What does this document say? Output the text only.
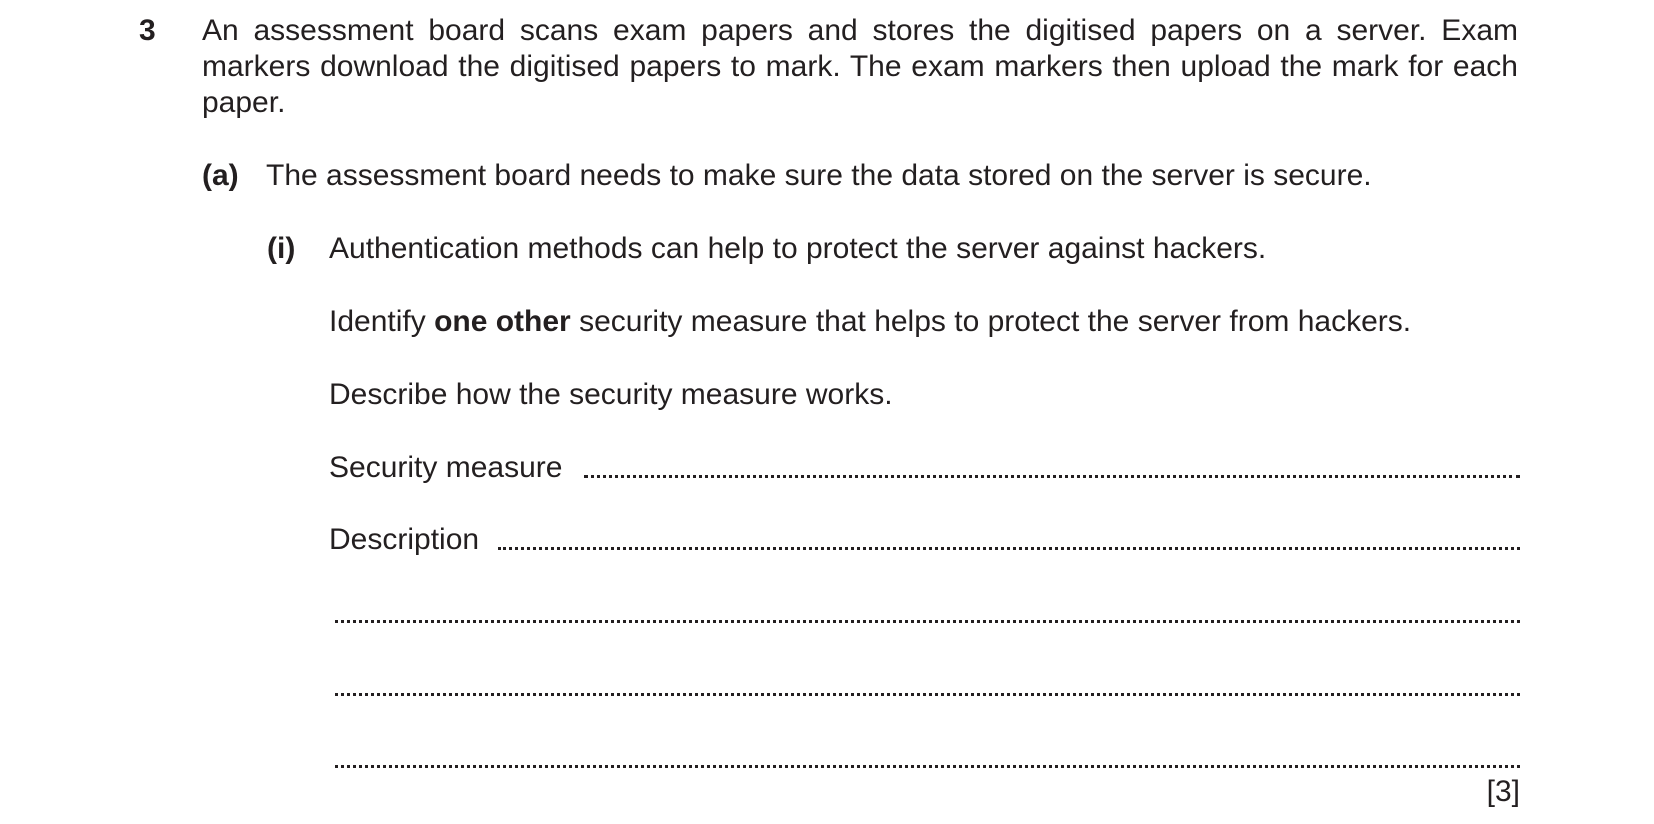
3 An assessment board scans exam papers and stores the digitised papers on a server. Exam markers download the digitised papers to mark. The exam markers then upload the mark for each paper.
(a) The assessment board needs to make sure the data stored on the server is secure.
(i) Authentication methods can help to protect the server against hackers.
Identify one other security measure that helps to protect the server from hackers.
Describe how the security measure works.
Security measure
Description
[3]
